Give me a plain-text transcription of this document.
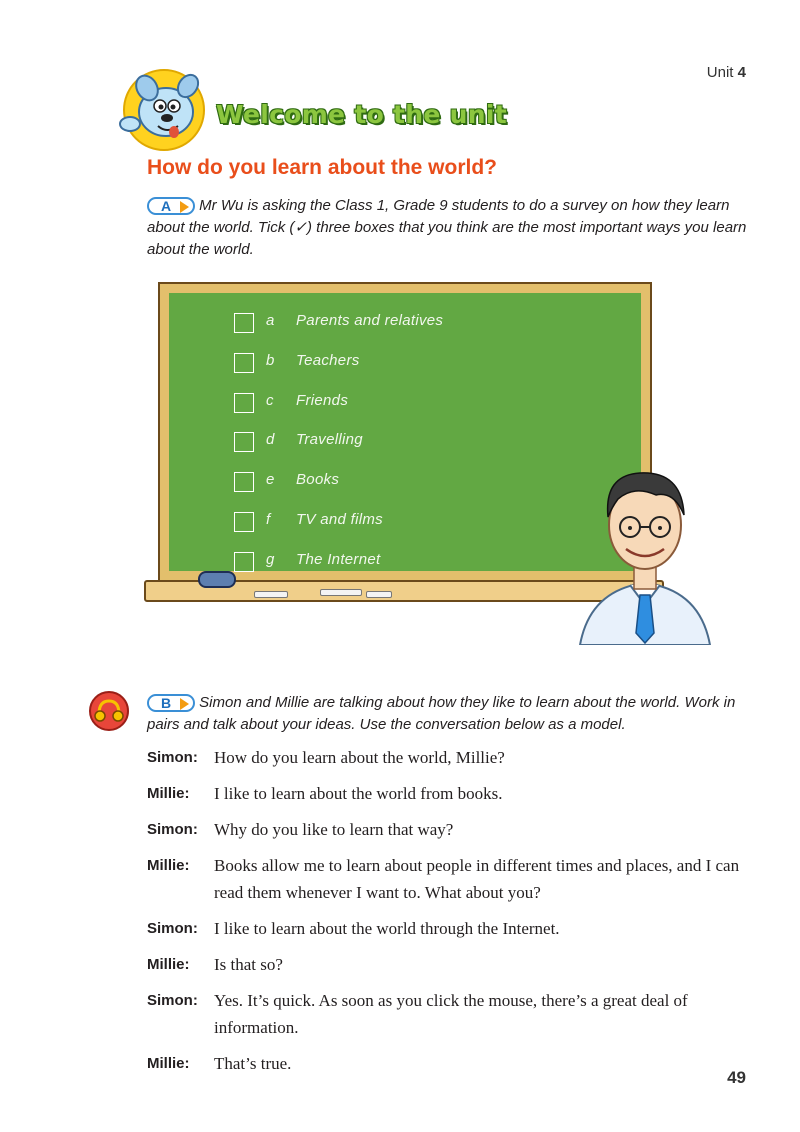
Unit 4
Welcome to the unit
How do you learn about the world?
A Mr Wu is asking the Class 1, Grade 9 students to do a survey on how they learn about the world. Tick (✓) three boxes that you think are the most important ways you learn about the world.
a	Parents and relatives
b	Teachers
c	Friends
d	Travelling
e	Books
f	TV and films
g	The Internet
B Simon and Millie are talking about how they like to learn about the world. Work in pairs and talk about your ideas. Use the conversation below as a model.
Simon: How do you learn about the world, Millie?
Millie:	I like to learn about the world from books.
Simon: Why do you like to learn that way?
Millie:	Books allow me to learn about people in different times and places, and I can read them whenever I want to. What about you?
Simon: I like to learn about the world through the Internet.
Millie:	Is that so?
Simon: Yes. It’s quick. As soon as you click the mouse, there’s a great deal of information.
Millie:	That’s true.
49
